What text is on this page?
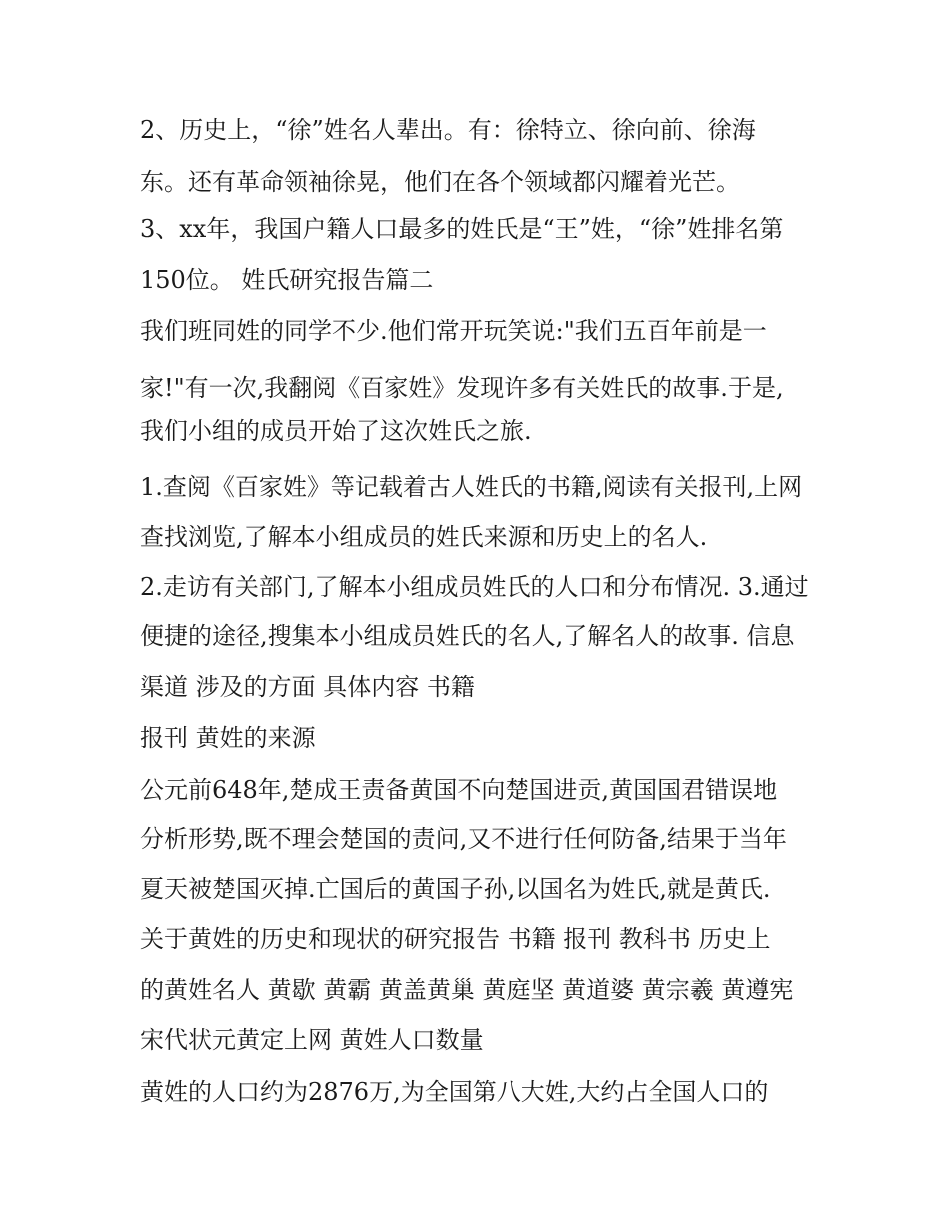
2、历史上，“徐”姓名人辈出。有：徐特立、徐向前、徐海
东。还有革命领袖徐晃，他们在各个领域都闪耀着光芒。
3、xx年，我国户籍人口最多的姓氏是“王”姓，“徐”姓排名第
150位。 姓氏研究报告篇二
我们班同姓的同学不少.他们常开玩笑说:"我们五百年前是一
家!"有一次,我翻阅《百家姓》发现许多有关姓氏的故事.于是,
我们小组的成员开始了这次姓氏之旅.
1.查阅《百家姓》等记载着古人姓氏的书籍,阅读有关报刊,上网
查找浏览,了解本小组成员的姓氏来源和历史上的名人.
2.走访有关部门,了解本小组成员姓氏的人口和分布情况. 3.通过
便捷的途径,搜集本小组成员姓氏的名人,了解名人的故事. 信息
渠道 涉及的方面 具体内容 书籍
报刊 黄姓的来源
公元前648年,楚成王责备黄国不向楚国进贡,黄国国君错误地
分析形势,既不理会楚国的责问,又不进行任何防备,结果于当年
夏天被楚国灭掉.亡国后的黄国子孙,以国名为姓氏,就是黄氏.
关于黄姓的历史和现状的研究报告 书籍 报刊 教科书 历史上
的黄姓名人 黄歇 黄霸 黄盖黄巢 黄庭坚 黄道婆 黄宗羲 黄遵宪
宋代状元黄定上网 黄姓人口数量
黄姓的人口约为2876万,为全国第八大姓,大约占全国人口的
